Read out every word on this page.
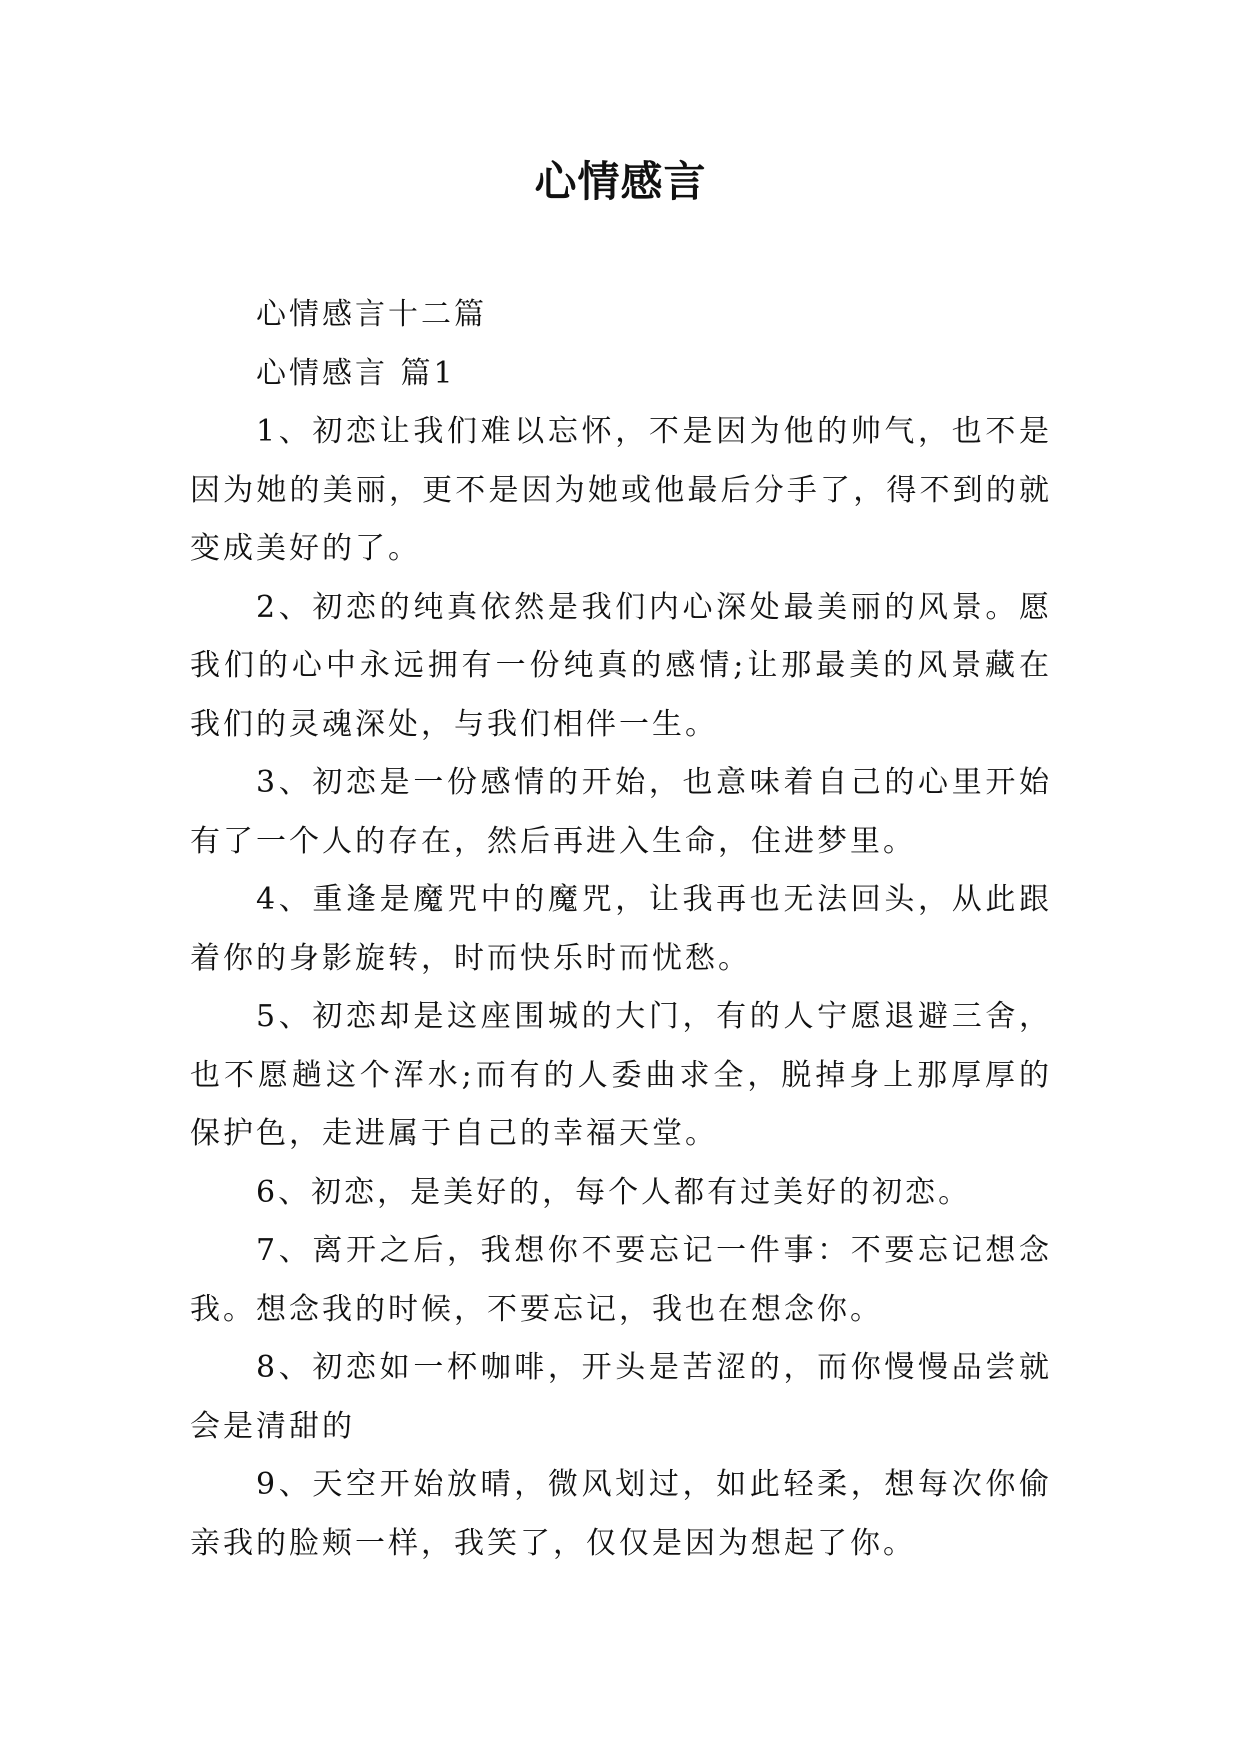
心情感言

心情感言十二篇

心情感言 篇1

1、初恋让我们难以忘怀，不是因为他的帅气，也不是因为她的美丽，更不是因为她或他最后分手了，得不到的就变成美好的了。

2、初恋的纯真依然是我们内心深处最美丽的风景。愿我们的心中永远拥有一份纯真的感情;让那最美的风景藏在我们的灵魂深处，与我们相伴一生。

3、初恋是一份感情的开始，也意味着自己的心里开始有了一个人的存在，然后再进入生命，住进梦里。

4、重逢是魔咒中的魔咒，让我再也无法回头，从此跟着你的身影旋转，时而快乐时而忧愁。

5、初恋却是这座围城的大门，有的人宁愿退避三舍，也不愿趟这个浑水;而有的人委曲求全，脱掉身上那厚厚的保护色，走进属于自己的幸福天堂。

6、初恋，是美好的，每个人都有过美好的初恋。

7、离开之后，我想你不要忘记一件事：不要忘记想念我。想念我的时候，不要忘记，我也在想念你。

8、初恋如一杯咖啡，开头是苦涩的，而你慢慢品尝就会是清甜的

9、天空开始放晴，微风划过，如此轻柔，想每次你偷亲我的脸颊一样，我笑了，仅仅是因为想起了你。
